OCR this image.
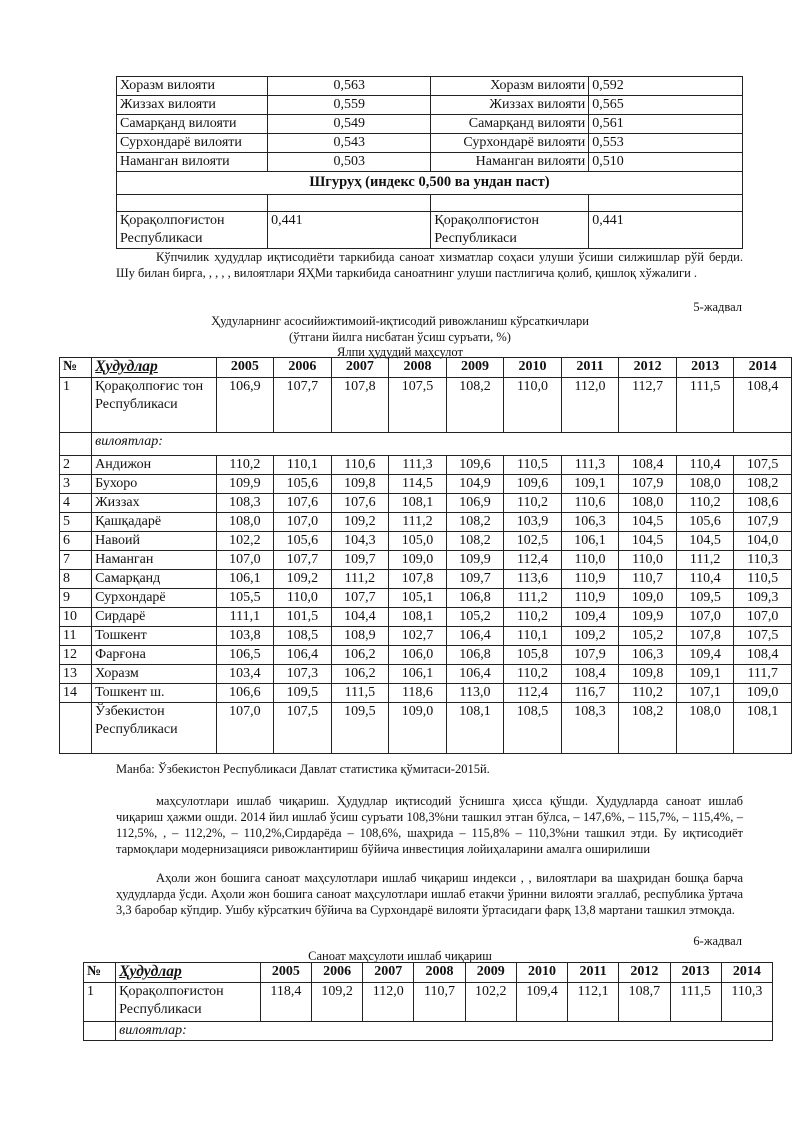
Хоразм вилояти	0,563	Хоразм вилояти	0,592
Жиззах вилояти	0,559	Жиззах вилояти	0,565
Самарқанд вилояти	0,549	Самарқанд вилояти	0,561
Сурхондарё вилояти	0,543	Сурхондарё вилояти	0,553
Наманган вилояти	0,503	Наманган вилояти	0,510
Шгуруҳ (индекс 0,500 ва ундан паст)			

Қорақолпоғистон Республикаси	0,441	Қорақолпоғистон Республикаси	0,441
Кўпчилик ҳудудлар иқтисодиёти таркибида саноат хизматлар соҳаси улуши ўсиши силжишлар рўй берди. Шу билан бирга, , , , , вилоятлари ЯҲМи таркибида саноатнинг улуши пастлигича қолиб, қишлоқ хўжалиги .
5-жадвал
Ҳудуларнинг асосийижтимоий-иқтисодий ривожланиш кўрсаткичлари
(ўтгани йилга нисбатан ўсиш суръати, %)
Ялпи ҳудудий маҳсулот
№	Ҳудудлар	2005	2006	2007	2008	2009	2010	2011	2012	2013	2014
1	Қорақолпоғис тон Республикаси	106,9	107,7	107,8	107,5	108,2	110,0	112,0	112,7	111,5	108,4
	вилоятлар:										
2	Андижон	110,2	110,1	110,6	111,3	109,6	110,5	111,3	108,4	110,4	107,5
3	Бухоро	109,9	105,6	109,8	114,5	104,9	109,6	109,1	107,9	108,0	108,2
4	Жиззах	108,3	107,6	107,6	108,1	106,9	110,2	110,6	108,0	110,2	108,6
5	Қашқадарё	108,0	107,0	109,2	111,2	108,2	103,9	106,3	104,5	105,6	107,9
6	Навоий	102,2	105,6	104,3	105,0	108,2	102,5	106,1	104,5	104,5	104,0
7	Наманган	107,0	107,7	109,7	109,0	109,9	112,4	110,0	110,0	111,2	110,3
8	Самарқанд	106,1	109,2	111,2	107,8	109,7	113,6	110,9	110,7	110,4	110,5
9	Сурхондарё	105,5	110,0	107,7	105,1	106,8	111,2	110,9	109,0	109,5	109,3
10	Сирдарё	111,1	101,5	104,4	108,1	105,2	110,2	109,4	109,9	107,0	107,0
11	Тошкент	103,8	108,5	108,9	102,7	106,4	110,1	109,2	105,2	107,8	107,5
12	Фарғона	106,5	106,4	106,2	106,0	106,8	105,8	107,9	106,3	109,4	108,4
13	Хоразм	103,4	107,3	106,2	106,1	106,4	110,2	108,4	109,8	109,1	111,7
14	Тошкент ш.	106,6	109,5	111,5	118,6	113,0	112,4	116,7	110,2	107,1	109,0
	Ўзбекистон Республикаси	107,0	107,5	109,5	109,0	108,1	108,5	108,3	108,2	108,0	108,1
Манба: Ўзбекистон Республикаси Давлат статистика қўмитаси-2015й.
маҳсулотлари ишлаб чиқариш. Ҳудудлар иқтисодий ўснишга ҳисса қўшди. Ҳудудларда саноат ишлаб чиқариш ҳажми ошди. 2014 йил ишлаб ўсиш суръати 108,3%ни ташкил этган бўлса, – 147,6%, – 115,7%, – 115,4%, – 112,5%, , – 112,2%, – 110,2%,Сирдарёда – 108,6%, шаҳрида – 115,8% – 110,3%ни ташкил этди. Бу иқтисодиёт тармоқлари модернизацияси ривожлантириш бўйича инвестиция лойиҳаларини амалга оширилиши
Аҳоли жон бошига саноат маҳсулотлари ишлаб чиқариш индекси , , вилоятлари ва шаҳридан бошқа барча ҳудудларда ўсди. Аҳоли жон бошига саноат маҳсулотлари ишлаб етакчи ўринни вилояти эгаллаб, республика ўртача 3,3 баробар кўпдир. Ушбу кўрсаткич бўйича ва Сурхондарё вилояти ўртасидаги фарқ 13,8 мартани ташкил этмоқда.
6-жадвал
Саноат маҳсулоти ишлаб чиқариш
№	Ҳудудлар	2005	2006	2007	2008	2009	2010	2011	2012	2013	2014
1	Қорақолпоғистон Республикаси	118,4	109,2	112,0	110,7	102,2	109,4	112,1	108,7	111,5	110,3
	вилоятлар:										
